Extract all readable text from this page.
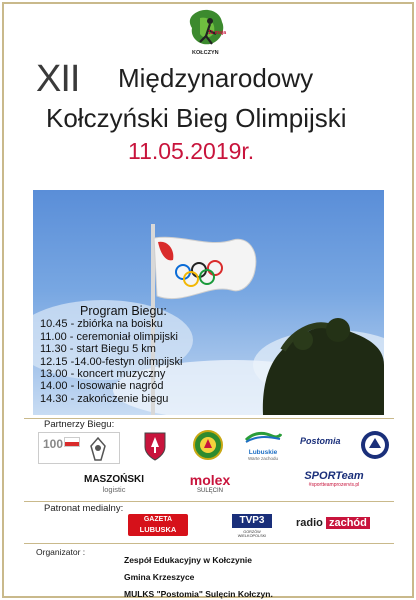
11 maja
KOŁCZYN
XII Międzynarodowy
Kołczyński Bieg Olimpijski
11.05.2019r.
Program Biegu:
10.45 - zbiórka na boisku
11.00 - ceremoniał olimpijski
11.30 - start Biegu 5 km
12.15 -14.00-festyn olimpijski
13.00 - koncert muzyczny
14.00 - losowanie nagród
14.30 - zakończenie biegu
Partnerzy Biegu:
100
Lubuskie
Warte zachodu
Postomia
MASZOŃSKI
logistic
molex
SULĘCIN
SPORTeam
#sportteamprozervis.pl
Patronat medialny:
GAZETA
LUBUSKA
TVP3
GORZÓW WIELKOPOLSKI
radio zachód
Organizator :
Zespół Edukacyjny w Kołczynie
Gmina Krzeszyce
MULKS "Postomia" Sulęcin Kołczyn.
